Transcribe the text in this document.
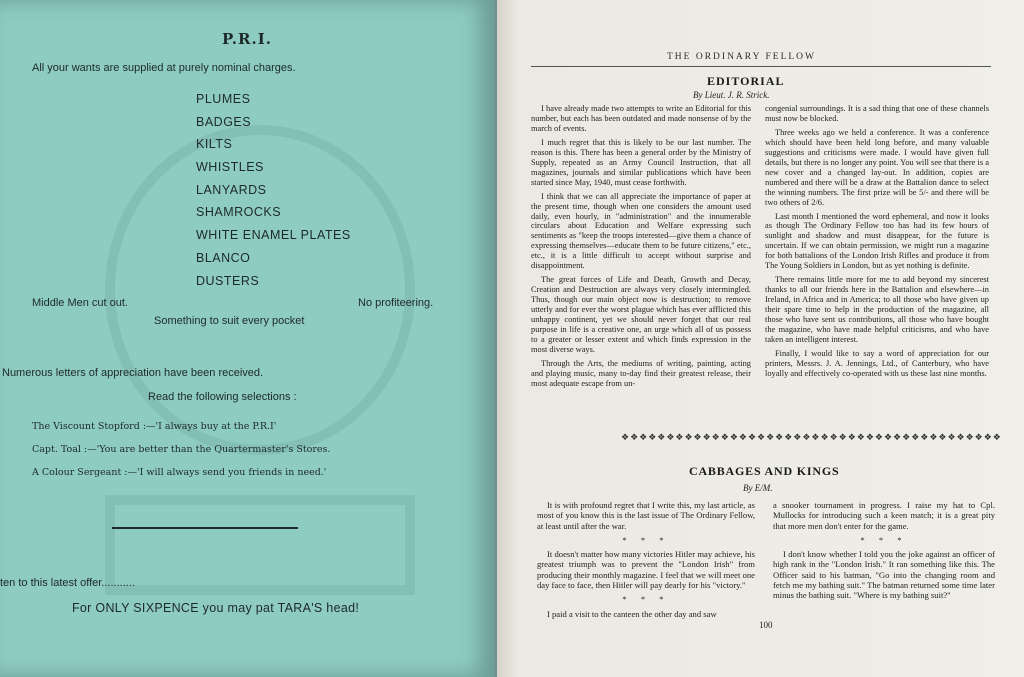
P.R.I.
All your wants are supplied at purely nominal charges.
PLUMES
BADGES
KILTS
WHISTLES
LANYARDS
SHAMROCKS
WHITE ENAMEL PLATES
BLANCO
DUSTERS
Middle Men cut out.	No profiteering.
Something to suit every pocket
Numerous letters of appreciation have been received.
Read the following selections :
The Viscount Stopford :—'I always buy at the P.R.I'
Capt. Toal :—'You are better than the Quartermaster's Stores.
A Colour Sergeant :—'I will always send you friends in need.'
ten to this latest offer...........
For ONLY SIXPENCE you may pat TARA'S head!
THE ORDINARY FELLOW
EDITORIAL
By Lieut. J. R. Strick.

I have already made two attempts to write an Editorial for this number, but each has been outdated and made nonsense of by the march of events.

I much regret that this is likely to be our last number. The reason is this. There has been a general order by the Ministry of Supply, repeated as an Army Council Instruction, that all magazines, journals and similar publications which have been started since May, 1940, must cease forthwith.

I think that we can all appreciate the importance of paper at the present time, though when one considers the amount used daily, even hourly, in "administration" and the innumerable circulars about Education and Welfare expressing such sentiments as "keep the troops interested—give them a chance of expressing themselves—educate them to be future citizens," etc., etc., it is a little difficult to accept without surprise and disappointment.

The great forces of Life and Death, Growth and Decay, Creation and Destruction are always very closely intermingled. Thus, though our main object now is destruction; to remove utterly and for ever the worst plague which has ever afflicted this unhappy continent, yet we should never forget that our real purpose in life is a creative one, an urge which all of us possess to a greater or lesser extent and which finds expression in the most diverse ways.

Through the Arts, the mediums of writing, painting, acting and playing music, many to-day find their greatest release, their most adequate escape from un-

congenial surroundings. It is a sad thing that one of these channels must now be blocked.

Three weeks ago we held a conference. It was a conference which should have been held long before, and many valuable suggestions and criticisms were made. I would have given full details, but there is no longer any point. You will see that there is a new cover and a changed lay-out. In addition, copies are numbered and there will be a draw at the Battalion dance to select the winning numbers. The first prize will be 5/- and there will be two others of 2/6.

Last month I mentioned the word ephemeral, and now it looks as though The Ordinary Fellow too has had its few hours of sunlight and shadow and must disappear, for the future is uncertain. If we can obtain permission, we might run a magazine for both battalions of the London Irish Rifles and produce it from The Young Soldiers in London, but as yet nothing is definite.

There remains little more for me to add beyond my sincerest thanks to all our friends here in the Battalion and elsewhere—in Ireland, in Africa and in America; to all those who have given up their spare time to help in the production of the magazine, all those who have sent us contributions, all those who have bought the magazine, who have made helpful criticisms, and who have taken an intelligent interest.

Finally, I would like to say a word of appreciation for our printers, Messrs. J. A. Jennings, Ltd., of Canterbury, who have loyally and effectively co-operated with us these last nine months.

❖❖❖❖❖❖❖❖❖❖❖❖❖❖❖❖❖❖❖❖❖❖❖❖❖❖❖❖❖❖❖❖❖❖❖❖❖❖❖❖❖❖
CABBAGES AND KINGS
By E/M.

It is with profound regret that I write this, my last article, as most of you know this is the last issue of The Ordinary Fellow, at least until after the war.

* * *

It doesn't matter how many victories Hitler may achieve, his greatest triumph was to prevent the "London Irish" from producing their monthly magazine. I feel that we will meet one day face to face, then Hitler will pay dearly for his "victory."

* * *

I paid a visit to the canteen the other day and saw

a snooker tournament in progress. I raise my hat to Cpl. Mullocks for introducing such a keen match; it is a great pity that more men don't enter for the game.

* * *

I don't know whether I told you the joke against an officer of high rank in the "London Irish." It ran something like this. The Officer said to his batman, "Go into the changing room and fetch me my bathing suit." The batman returned some time later minus the bathing suit. "Where is my bathing suit?"

100
